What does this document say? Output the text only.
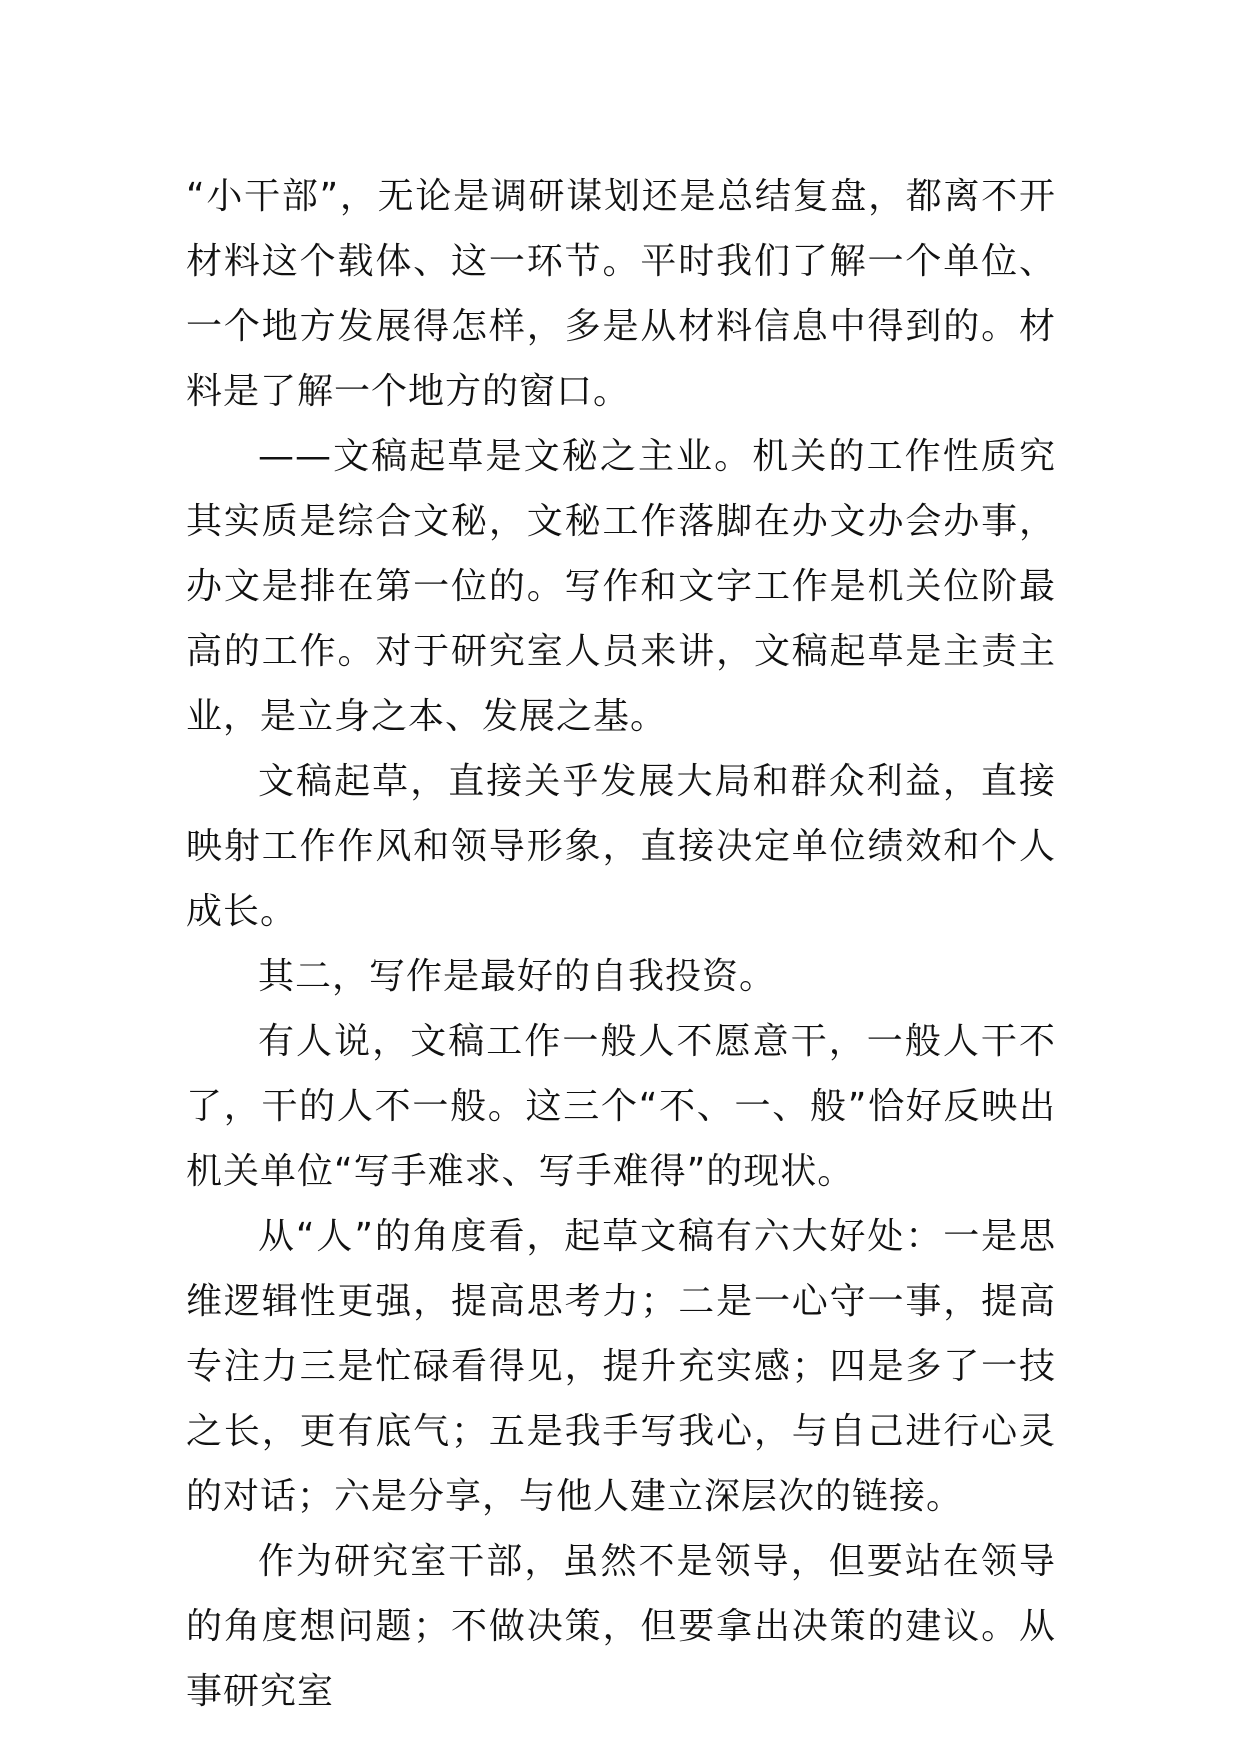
“小干部”，无论是调研谋划还是总结复盘，都离不开材料这个载体、这一环节。平时我们了解一个单位、一个地方发展得怎样，多是从材料信息中得到的。材料是了解一个地方的窗口。

——文稿起草是文秘之主业。机关的工作性质究其实质是综合文秘，文秘工作落脚在办文办会办事，办文是排在第一位的。写作和文字工作是机关位阶最高的工作。对于研究室人员来讲，文稿起草是主责主业，是立身之本、发展之基。

文稿起草，直接关乎发展大局和群众利益，直接映射工作作风和领导形象，直接决定单位绩效和个人成长。

其二，写作是最好的自我投资。

有人说，文稿工作一般人不愿意干，一般人干不了，干的人不一般。这三个“不、一、般”恰好反映出机关单位“写手难求、写手难得”的现状。

从“人”的角度看，起草文稿有六大好处：一是思维逻辑性更强，提高思考力；二是一心守一事，提高专注力三是忙碌看得见，提升充实感；四是多了一技之长，更有底气；五是我手写我心，与自己进行心灵的对话；六是分享，与他人建立深层次的链接。

作为研究室干部，虽然不是领导，但要站在领导的角度想问题；不做决策，但要拿出决策的建议。从事研究室
